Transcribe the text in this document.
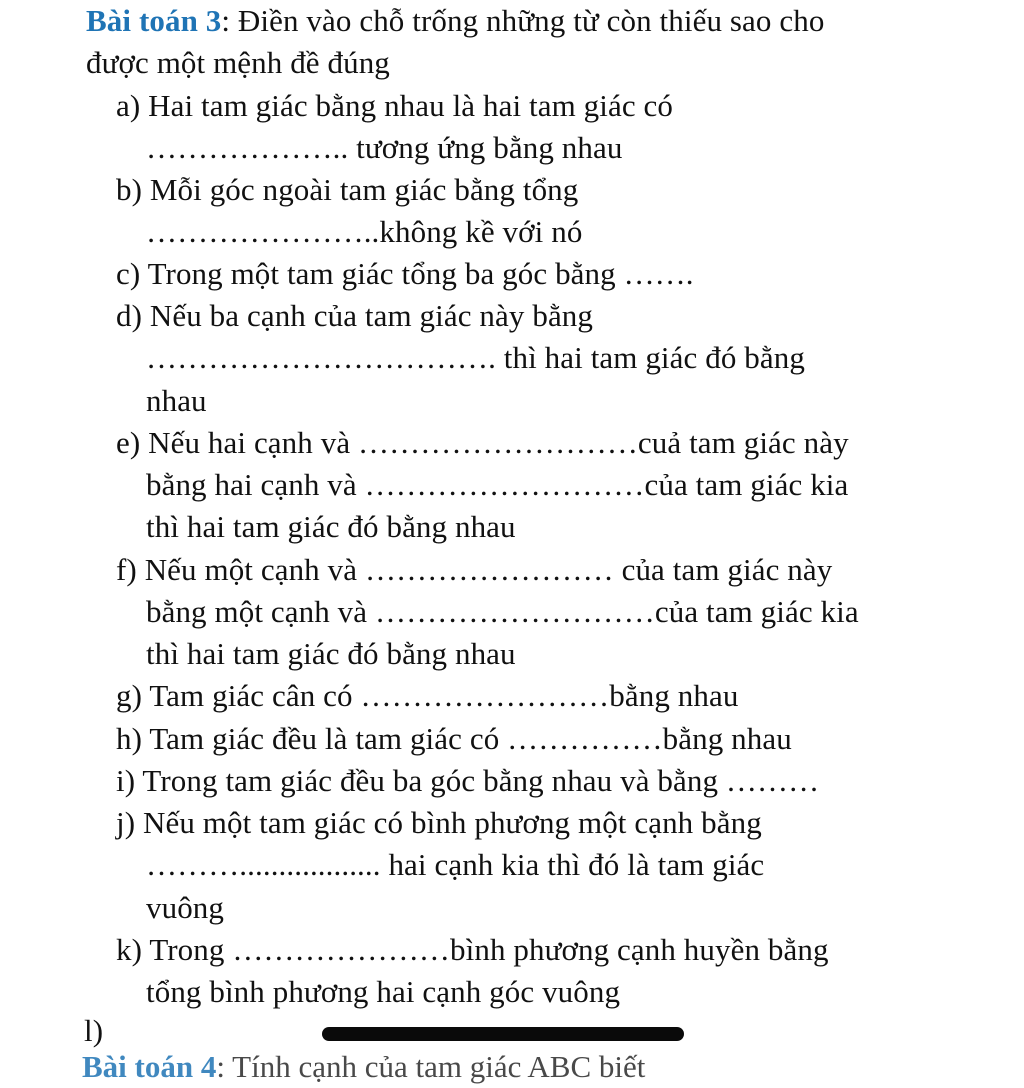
Bài toán 3: Điền vào chỗ trống những từ còn thiếu sao cho
được một mệnh đề đúng
a) Hai tam giác bằng nhau là hai tam giác có
……………….. tương ứng bằng nhau
b) Mỗi góc ngoài tam giác bằng tổng
…………………..không kề với nó
c) Trong một tam giác tổng ba góc bằng …….
d) Nếu ba cạnh của tam giác này bằng
……………………………. thì hai tam giác đó bằng
nhau
e) Nếu hai cạnh và ………………………cuả tam giác này
bằng hai cạnh và ………………………của tam giác kia
thì hai tam giác đó bằng nhau
f) Nếu một cạnh và …………………… của tam giác này
bằng một cạnh và ………………………của tam giác kia
thì hai tam giác đó bằng nhau
g) Tam giác cân có ……………………bằng nhau
h) Tam giác đều là tam giác có ……………bằng nhau
i) Trong tam giác đều ba góc bằng nhau và bằng ………
j) Nếu một tam giác có bình phương một cạnh bằng
……….................. hai cạnh kia thì đó là tam giác
vuông
k) Trong …………………bình phương cạnh huyền bằng
tổng bình phương hai cạnh góc vuông
l)
Bài toán 4: Tính cạnh của tam giác ABC biết
